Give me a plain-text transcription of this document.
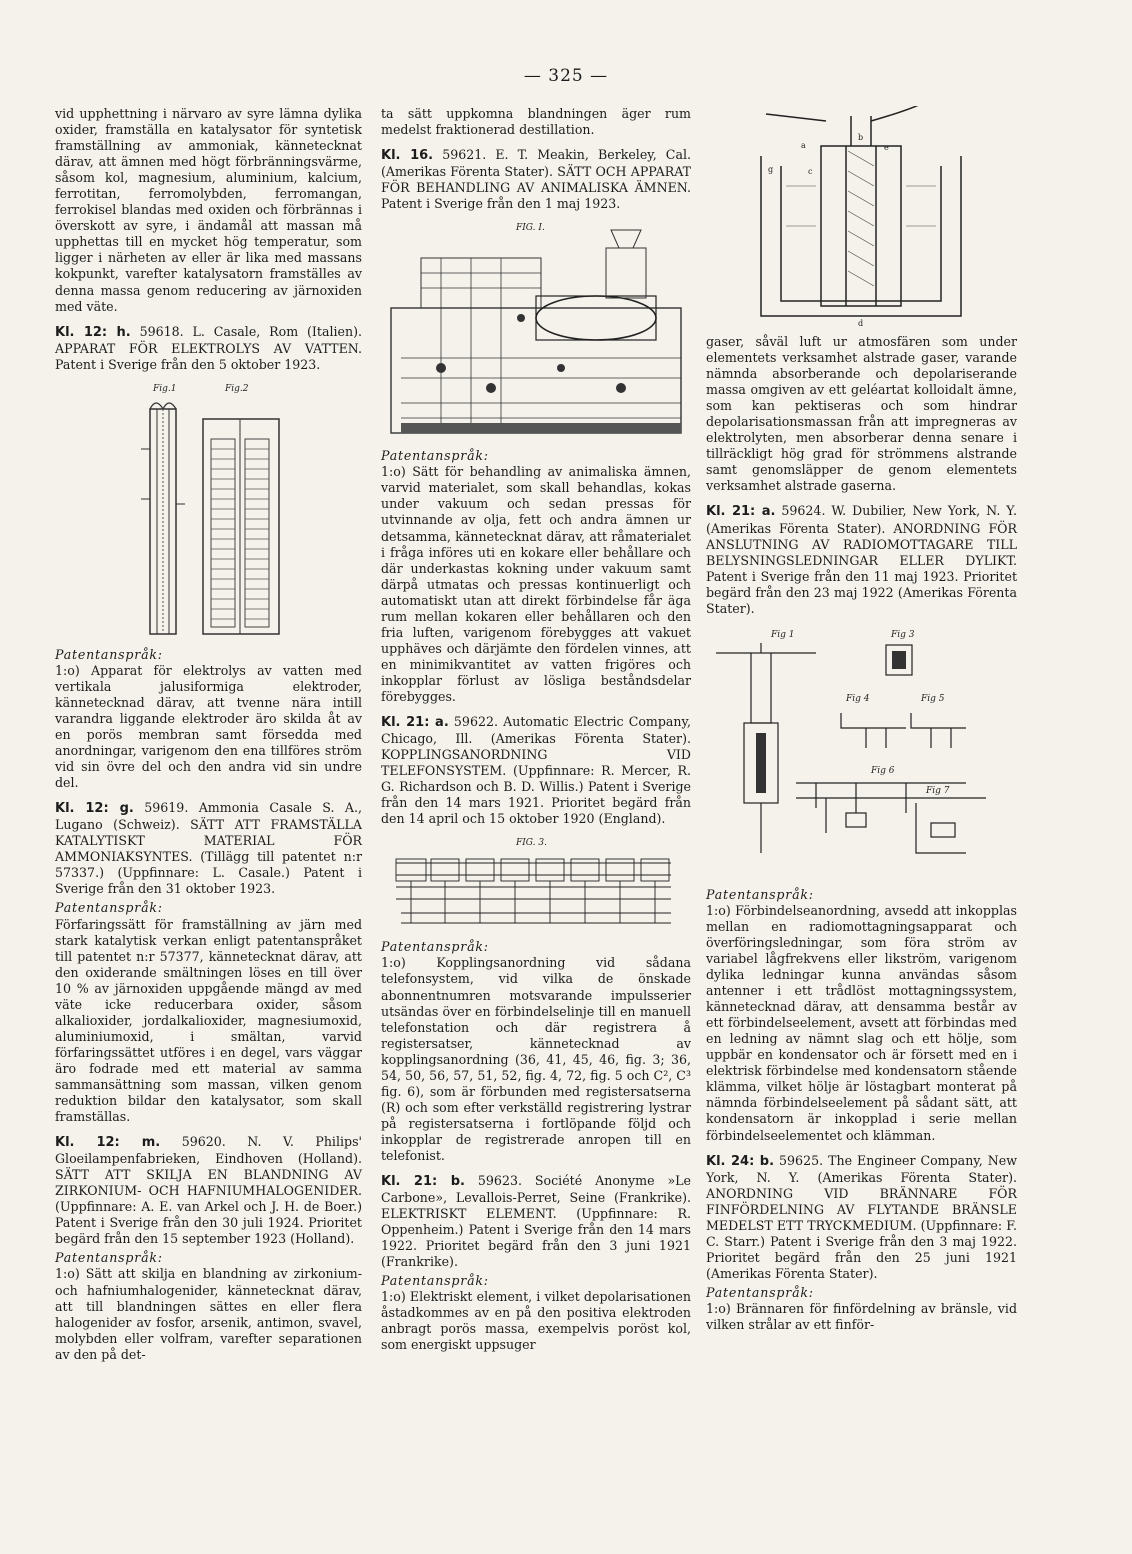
— 325 —

vid upphettning i närvaro av syre lämna dylika oxider, framställa en katalysator för syntetisk framställning av ammoniak, kännetecknat därav, att ämnen med högt förbränningsvärme, såsom kol, magnesium, aluminium, kalcium, ferrotitan, ferromolybden, ferromangan, ferrokisel blandas med oxiden och förbrännas i överskott av syre, i ändamål att massan må upphettas till en mycket hög temperatur, som ligger i närheten av eller är lika med massans kokpunkt, varefter katalysatorn framställes av denna massa genom reducering av järnoxiden med väte.

Kl. 12: h. 59618. L. Casale, Rom (Italien). APPARAT FÖR ELEKTROLYS AV VATTEN. Patent i Sverige från den 5 oktober 1923.

Fig.1	Fig.2

Patentanspråk:

1:o) Apparat för elektrolys av vatten med vertikala jalusiformiga elektroder, kännetecknad därav, att tvenne nära intill varandra liggande elektroder äro skilda åt av en porös membran samt försedda med anordningar, varigenom den ena tillföres ström vid sin övre del och den andra vid sin undre del.

Kl. 12: g. 59619. Ammonia Casale S. A., Lugano (Schweiz). SÄTT ATT FRAMSTÄLLA KATALYTISKT MATERIAL FÖR AMMONIAKSYNTES. (Tillägg till patentet n:r 57337.) (Uppfinnare: L. Casale.) Patent i Sverige från den 31 oktober 1923.

Patentanspråk:

Förfaringssätt för framställning av järn med stark katalytisk verkan enligt patentanspråket till patentet n:r 57377, kännetecknat därav, att den oxiderande smältningen löses en till över 10 % av järnoxiden uppgående mängd av med väte icke reducerbara oxider, såsom alkalioxider, jordalkalioxider, magnesiumoxid, aluminiumoxid, i smältan, varvid förfaringssättet utföres i en degel, vars väggar äro fodrade med ett material av samma sammansättning som massan, vilken genom reduktion bildar den katalysator, som skall framställas.

Kl. 12: m. 59620. N. V. Philips' Gloeilampenfabrieken, Eindhoven (Holland). SÄTT ATT SKILJA EN BLANDNING AV ZIRKONIUM- OCH HAFNIUMHALOGENIDER. (Uppfinnare: A. E. van Arkel och J. H. de Boer.) Patent i Sverige från den 30 juli 1924. Prioritet begärd från den 15 september 1923 (Holland).

Patentanspråk:

1:o) Sätt att skilja en blandning av zirkonium- och hafniumhalogenider, kännetecknat därav, att till blandningen sättes en eller flera halogenider av fosfor, arsenik, antimon, svavel, molybden eller volfram, varefter separationen av den på det-

ta sätt uppkomna blandningen äger rum medelst fraktionerad destillation.

Kl. 16. 59621. E. T. Meakin, Berkeley, Cal. (Amerikas Förenta Stater). SÄTT OCH APPARAT FÖR BEHANDLING AV ANIMALISKA ÄMNEN. Patent i Sverige från den 1 maj 1923.

FIG. I.

Patentanspråk:

1:o) Sätt för behandling av animaliska ämnen, varvid materialet, som skall behandlas, kokas under vakuum och sedan pressas för utvinnande av olja, fett och andra ämnen ur detsamma, kännetecknat därav, att råmaterialet i fråga införes uti en kokare eller behållare och där underkastas kokning under vakuum samt därpå utmatas och pressas kontinuerligt och automatiskt utan att direkt förbindelse får äga rum mellan kokaren eller behållaren och den fria luften, varigenom förebygges att vakuet upphäves och därjämte den fördelen vinnes, att en minimikvantitet av vatten frigöres och inkopplar förlust av lösliga beståndsdelar förebygges.

Kl. 21: a. 59622. Automatic Electric Company, Chicago, Ill. (Amerikas Förenta Stater). KOPPLINGSANORDNING VID TELEFONSYSTEM. (Uppfinnare: R. Mercer, R. G. Richardson och B. D. Willis.) Patent i Sverige från den 14 mars 1921. Prioritet begärd från den 14 april och 15 oktober 1920 (England).

FIG. 3.

Patentanspråk:

1:o) Kopplingsanordning vid sådana telefonsystem, vid vilka de önskade abonnentnumren motsvarande impulsserier utsändas över en förbindelselinje till en manuell telefonstation och där registrera å registersatser, kännetecknad av kopplingsanordning (36, 41, 45, 46, fig. 3; 36, 54, 50, 56, 57, 51, 52, fig. 4, 72, fig. 5 och C², C³ fig. 6), som är förbunden med registersatserna (R) och som efter verkställd registrering lystrar på registersatserna i fortlöpande följd och inkopplar de registrerade anropen till en telefonist.

Kl. 21: b. 59623. Société Anonyme »Le Carbone», Levallois-Perret, Seine (Frankrike). ELEKTRISKT ELEMENT. (Uppfinnare: R. Oppenheim.) Patent i Sverige från den 14 mars 1922. Prioritet begärd från den 3 juni 1921 (Frankrike).

Patentanspråk:

1:o) Elektriskt element, i vilket depolarisationen åstadkommes av en på den positiva elektroden anbragt porös massa, exempelvis poröst kol, som energiskt uppsuger

a
b
c
d
e
g

gaser, såväl luft ur atmosfären som under elementets verksamhet alstrade gaser, varande nämnda absorberande och depolariserande massa omgiven av ett geléartat kolloidalt ämne, som kan pektiseras och som hindrar depolarisationsmassan från att impregneras av elektrolyten, men absorberar denna senare i tillräckligt hög grad för strömmens alstrande samt genomsläpper de genom elementets verksamhet alstrade gaserna.

Kl. 21: a. 59624. W. Dubilier, New York, N. Y. (Amerikas Förenta Stater). ANORDNING FÖR ANSLUTNING AV RADIOMOTTAGARE TILL BELYSNINGSLEDNINGAR ELLER DYLIKT. Patent i Sverige från den 11 maj 1923. Prioritet begärd från den 23 maj 1922 (Amerikas Förenta Stater).

Fig 1	Fig 3
Fig 4	Fig 5
Fig 6
Fig 7

Patentanspråk:

1:o) Förbindelseanordning, avsedd att inkopplas mellan en radiomottagningsapparat och överföringsledningar, som föra ström av variabel lågfrekvens eller likström, varigenom dylika ledningar kunna användas såsom antenner i ett trådlöst mottagningssystem, kännetecknad därav, att densamma består av ett förbindelseelement, avsett att förbindas med en ledning av nämnt slag och ett hölje, som uppbär en kondensator och är försett med en i elektrisk förbindelse med kondensatorn stående klämma, vilket hölje är löstagbart monterat på nämnda förbindelseelement på sådant sätt, att kondensatorn är inkopplad i serie mellan förbindelseelementet och klämman.

Kl. 24: b. 59625. The Engineer Company, New York, N. Y. (Amerikas Förenta Stater). ANORDNING VID BRÄNNARE FÖR FINFÖRDELNING AV FLYTANDE BRÄNSLE MEDELST ETT TRYCKMEDIUM. (Uppfinnare: F. C. Starr.) Patent i Sverige från den 3 maj 1922. Prioritet begärd från den 25 juni 1921 (Amerikas Förenta Stater).

Patentanspråk:

1:o) Brännaren för finfördelning av bränsle, vid vilken strålar av ett finför-
